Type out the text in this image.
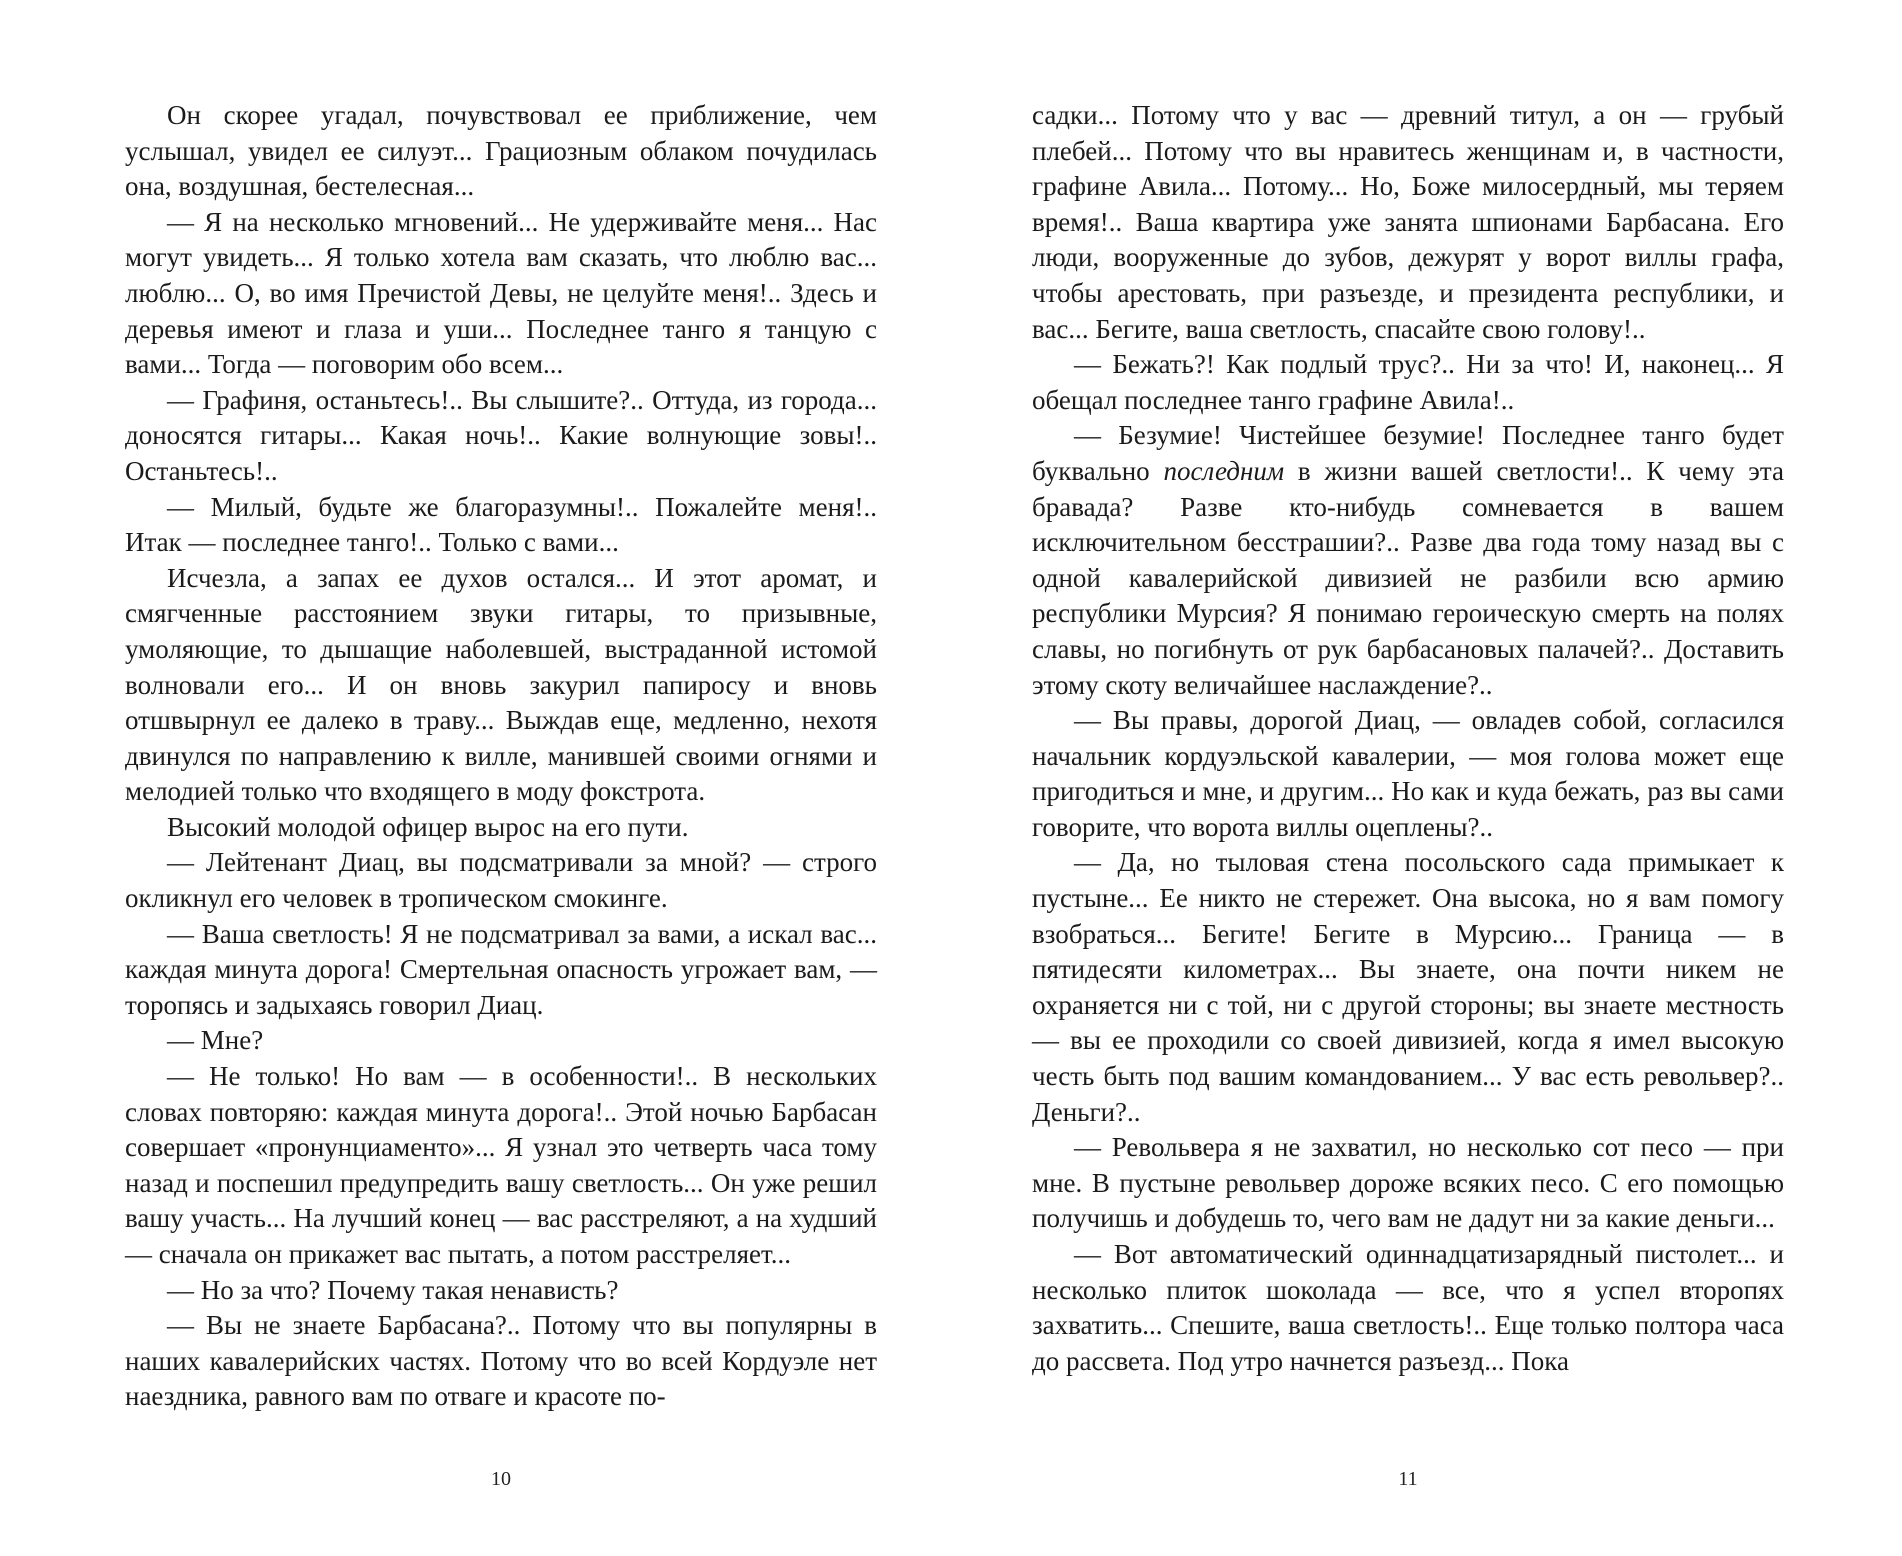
Он скорее угадал, почувствовал ее приближение, чем услышал, увидел ее силуэт... Грациозным облаком почудилась она, воздушная, бестелесная...

— Я на несколько мгновений... Не удерживайте меня... Нас могут увидеть... Я только хотела вам сказать, что люблю вас... люблю... О, во имя Пречистой Девы, не целуйте меня!.. Здесь и деревья имеют и глаза и уши... Последнее танго я танцую с вами... Тогда — поговорим обо всем...

— Графиня, останьтесь!.. Вы слышите?.. Оттуда, из города... доносятся гитары... Какая ночь!.. Какие волнующие зовы!.. Останьтесь!..

— Милый, будьте же благоразумны!.. Пожалейте меня!.. Итак — последнее танго!.. Только с вами...

Исчезла, а запах ее духов остался... И этот аромат, и смягченные расстоянием звуки гитары, то призывные, умоляющие, то дышащие наболевшей, выстраданной истомой волновали его... И он вновь закурил папиросу и вновь отшвырнул ее далеко в траву... Выждав еще, медленно, нехотя двинулся по направлению к вилле, манившей своими огнями и мелодией только что входящего в моду фокстрота.

Высокий молодой офицер вырос на его пути.

— Лейтенант Диац, вы подсматривали за мной? — строго окликнул его человек в тропическом смокинге.

— Ваша светлость! Я не подсматривал за вами, а искал вас... каждая минута дорога! Смертельная опасность угрожает вам, — торопясь и задыхаясь говорил Диац.

— Мне?

— Не только! Но вам — в особенности!.. В нескольких словах повторяю: каждая минута дорога!.. Этой ночью Барбасан совершает «пронунциаменто»... Я узнал это четверть часа тому назад и поспешил предупредить вашу светлость... Он уже решил вашу участь... На лучший конец — вас расстреляют, а на худший — сначала он прикажет вас пытать, а потом расстреляет...

— Но за что? Почему такая ненависть?

— Вы не знаете Барбасана?.. Потому что вы популярны в наших кавалерийских частях. Потому что во всей Кордуэле нет наездника, равного вам по отваге и красоте по-

садки... Потому что у вас — древний титул, а он — грубый плебей... Потому что вы нравитесь женщинам и, в частности, графине Авила... Потому... Но, Боже милосердный, мы теряем время!.. Ваша квартира уже занята шпионами Барбасана. Его люди, вооруженные до зубов, дежурят у ворот виллы графа, чтобы арестовать, при разъезде, и президента республики, и вас... Бегите, ваша светлость, спасайте свою голову!..

— Бежать?! Как подлый трус?.. Ни за что! И, наконец... Я обещал последнее танго графине Авила!..

— Безумие! Чистейшее безумие! Последнее танго будет буквально последним в жизни вашей светлости!.. К чему эта бравада? Разве кто-нибудь сомневается в вашем исключительном бесстрашии?.. Разве два года тому назад вы с одной кавалерийской дивизией не разбили всю армию республики Мурсия? Я понимаю героическую смерть на полях славы, но погибнуть от рук барбасановых палачей?.. Доставить этому скоту величайшее наслаждение?..

— Вы правы, дорогой Диац, — овладев собой, согласился начальник кордуэльской кавалерии, — моя голова может еще пригодиться и мне, и другим... Но как и куда бежать, раз вы сами говорите, что ворота виллы оцеплены?..

— Да, но тыловая стена посольского сада примыкает к пустыне... Ее никто не стережет. Она высока, но я вам помогу взобраться... Бегите! Бегите в Мурсию... Граница — в пятидесяти километрах... Вы знаете, она почти никем не охраняется ни с той, ни с другой стороны; вы знаете местность — вы ее проходили со своей дивизией, когда я имел высокую честь быть под вашим командованием... У вас есть револьвер?.. Деньги?..

— Револьвера я не захватил, но несколько сот песо — при мне. В пустыне револьвер дороже всяких песо. С его помощью получишь и добудешь то, чего вам не дадут ни за какие деньги...

— Вот автоматический одиннадцатизарядный пистолет... и несколько плиток шоколада — все, что я успел второпях захватить... Спешите, ваша светлость!.. Еще только полтора часа до рассвета. Под утро начнется разъезд... Пока

10	11
